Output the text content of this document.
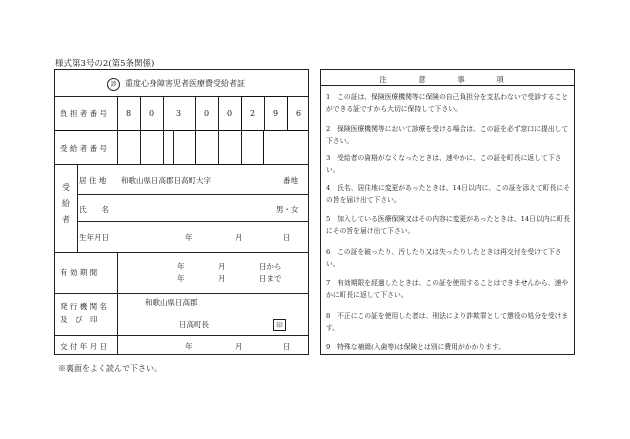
様式第3号の2(第5条関係)
診	重度心身障害児者医療費受給者証
負 担 者 番 号	8	0	3	0	0	2	9	6
受 給 者 番 号
受給者
居 住 地 和歌山県日高郡日高町大字	番地
氏　　名	男・女
生年月日	年	月	日
有 効 期 間
年	月	日から
年	月	日まで
発 行 機 関 名
及　び　印
和歌山県日高郡
日高町長	印
交 付 年 月 日	年	月	日
※裏面をよく読んで下さい。
注　意　事　項
1　この証は、保険医療機関等に保険の自己負担分を支払わないで受診することができる証ですから大切に保持して下さい。
2　保険医療機関等において診療を受ける場合は、この証を必ず窓口に提出して下さい。
3　受給者の資格がなくなったときは、速やかに、この証を町長に返して下さい。
4　氏名、居住地に変更があったときは、14日以内に、この証を添えて町長にその旨を届け出て下さい。
5　加入している医療保険又はその内容に変更があったときは、14日以内に町長にその旨を届け出て下さい。
6　この証を破ったり、汚したり又は失ったりしたときは再交付を受けて下さい。
7　有効期限を経過したときは、この証を使用することはできませんから、速やかに町長に返して下さい。
8　不正にこの証を使用した者は、刑法により詐欺罪として懲役の処分を受けます。
9　特殊な補綴(入歯等)は保険とは別に費用がかかります。
